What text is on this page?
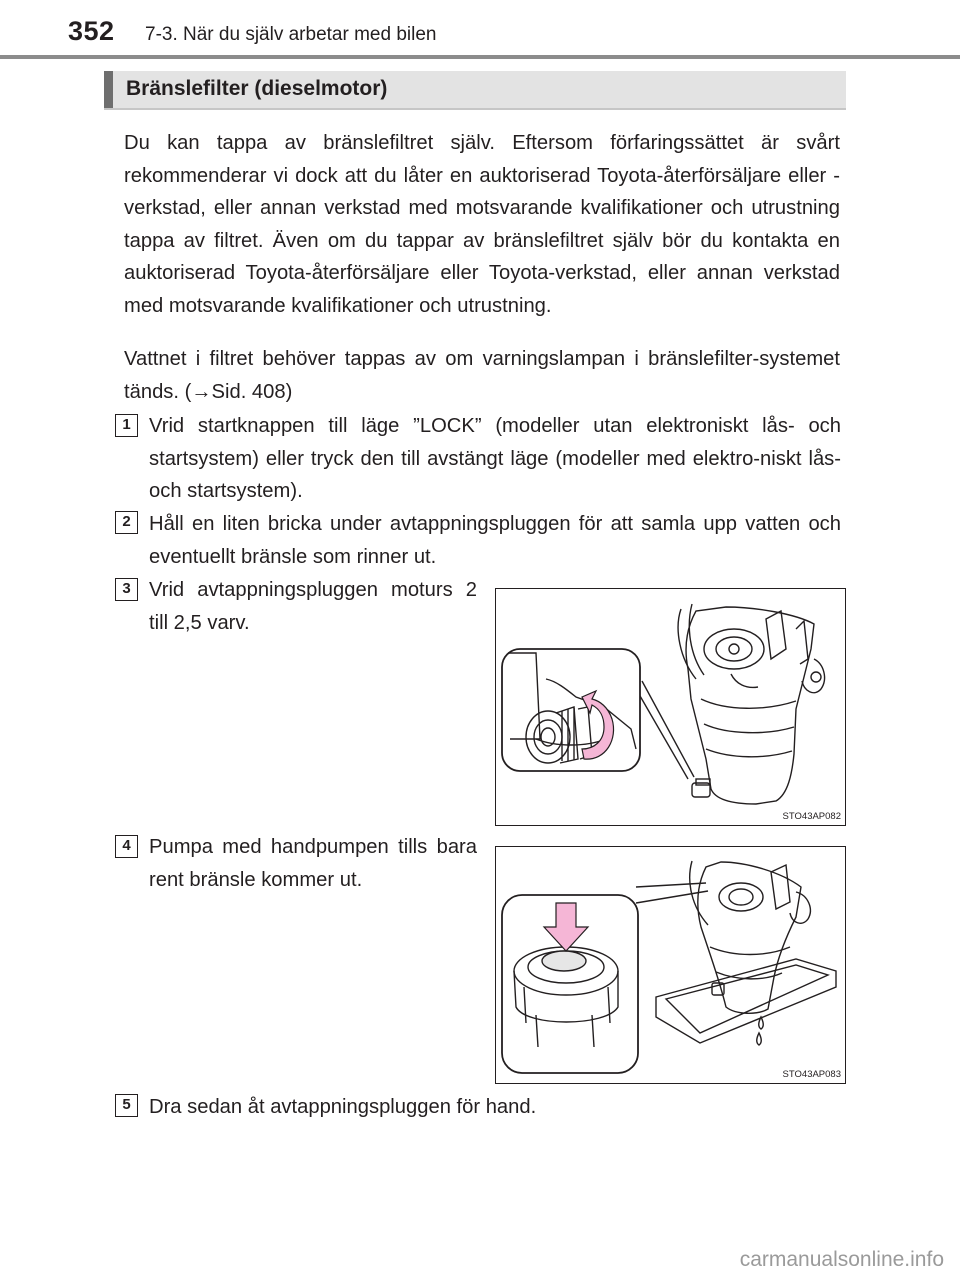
352 7-3. När du själv arbetar med bilen
Bränslefilter (dieselmotor)

Du kan tappa av bränslefiltret själv. Eftersom förfaringssättet är svårt rekommenderar vi dock att du låter en auktoriserad Toyota-återförsäljare eller -verkstad, eller annan verkstad med motsvarande kvalifikationer och utrustning tappa av filtret. Även om du tappar av bränslefiltret själv bör du kontakta en auktoriserad Toyota-återförsäljare eller Toyota-verkstad, eller annan verkstad med motsvarande kvalifikationer och utrustning.

Vattnet i filtret behöver tappas av om varningslampan i bränslefilter-systemet tänds. (→Sid. 408)

1 Vrid startknappen till läge ”LOCK” (modeller utan elektroniskt lås- och startsystem) eller tryck den till avstängt läge (modeller med elektro-niskt lås- och startsystem).

2 Håll en liten bricka under avtappningspluggen för att samla upp vatten och eventuellt bränsle som rinner ut.

3 Vrid avtappningspluggen moturs 2 till 2,5 varv.

STO43AP082
4 Pumpa med handpumpen tills bara rent bränsle kommer ut.

STO43AP083
5 Dra sedan åt avtappningspluggen för hand.

carmanualsonline.info
